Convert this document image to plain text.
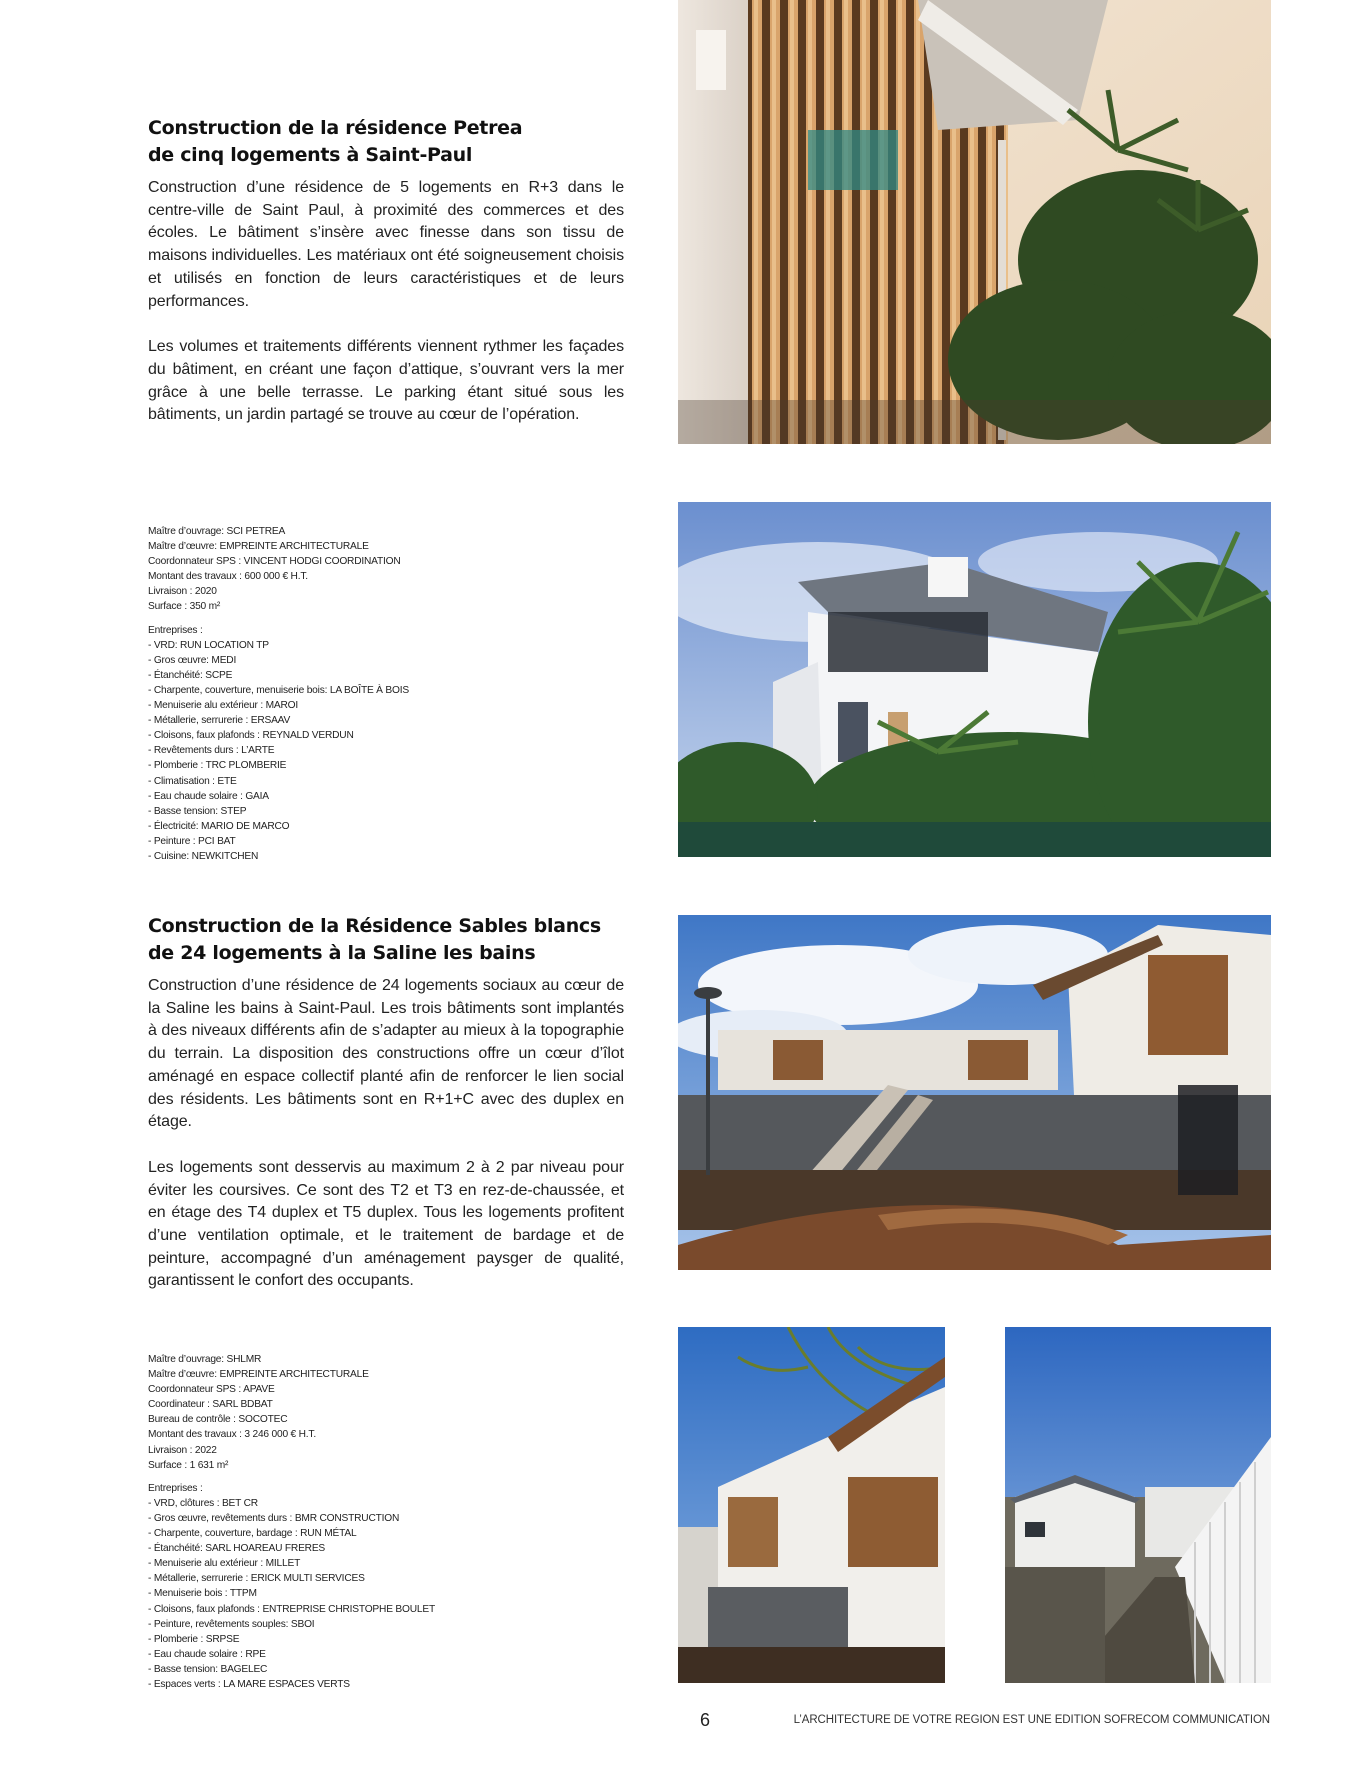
Construction de la résidence Petrea
de cinq logements à Saint-Paul

Construction d’une résidence de 5 logements en R+3 dans le centre-ville de Saint Paul, à proximité des commerces et des écoles. Le bâtiment s’insère avec finesse dans son tissu de maisons individuelles. Les matériaux ont été soigneusement choisis et utilisés en fonction de leurs caractéristiques et de leurs performances.

Les volumes et traitements différents viennent rythmer les façades du bâtiment, en créant une façon d’attique, s’ouvrant vers la mer grâce à une belle terrasse. Le parking étant situé sous les bâtiments, un jardin partagé se trouve au cœur de l’opération.

Maître d’ouvrage: SCI PETREA
Maître d’œuvre: EMPREINTE ARCHITECTURALE
Coordonnateur SPS : VINCENT HODGI COORDINATION
Montant des travaux : 600 000 € H.T.
Livraison : 2020
Surface : 350 m²
Entreprises :
- VRD: RUN LOCATION TP
- Gros œuvre: MEDI
- Étanchéité: SCPE
- Charpente, couverture, menuiserie bois: LA BOÎTE À BOIS
- Menuiserie alu extérieur : MAROI
- Métallerie, serrurerie : ERSAAV
- Cloisons, faux plafonds : REYNALD VERDUN
- Revêtements durs : L’ARTE
- Plomberie : TRC PLOMBERIE
- Climatisation : ETE
- Eau chaude solaire : GAIA
- Basse tension: STEP
- Électricité: MARIO DE MARCO
- Peinture : PCI BAT
- Cuisine: NEWKITCHEN
Construction de la Résidence Sables blancs
de 24 logements à la Saline les bains

Construction d’une résidence de 24 logements sociaux au cœur de la Saline les bains à Saint-Paul. Les trois bâtiments sont implantés à des niveaux différents afin de s’adapter au mieux à la topographie du terrain. La disposition des constructions offre un cœur d’îlot aménagé en espace collectif planté afin de renforcer le lien social des résidents. Les bâtiments sont en R+1+C avec des duplex en étage.

Les logements sont desservis au maximum 2 à 2 par niveau pour éviter les coursives. Ce sont des T2 et T3 en rez-de-chaussée, et en étage des T4 duplex et T5 duplex. Tous les logements profitent d’une ventilation optimale, et le traitement de bardage et de peinture, accompagné d’un aménagement paysger de qualité, garantissent le confort des occupants.

Maître d’ouvrage: SHLMR
Maître d’œuvre: EMPREINTE ARCHITECTURALE
Coordonnateur SPS : APAVE
Coordinateur : SARL BDBAT
Bureau de contrôle : SOCOTEC
Montant des travaux : 3 246 000 € H.T.
Livraison : 2022
Surface : 1 631 m²
Entreprises :
- VRD, clôtures : BET CR
- Gros œuvre, revêtements durs : BMR CONSTRUCTION
- Charpente, couverture, bardage : RUN MÉTAL
- Étanchéité: SARL HOAREAU FRERES
- Menuiserie alu extérieur : MILLET
- Métallerie, serrurerie : ERICK MULTI SERVICES
- Menuiserie bois : TTPM
- Cloisons, faux plafonds : ENTREPRISE CHRISTOPHE BOULET
- Peinture, revêtements souples: SBOI
- Plomberie : SRPSE
- Eau chaude solaire : RPE
- Basse tension: BAGELEC
- Espaces verts : LA MARE ESPACES VERTS
6	L’ARCHITECTURE DE VOTRE REGION EST UNE EDITION SOFRECOM COMMUNICATION
